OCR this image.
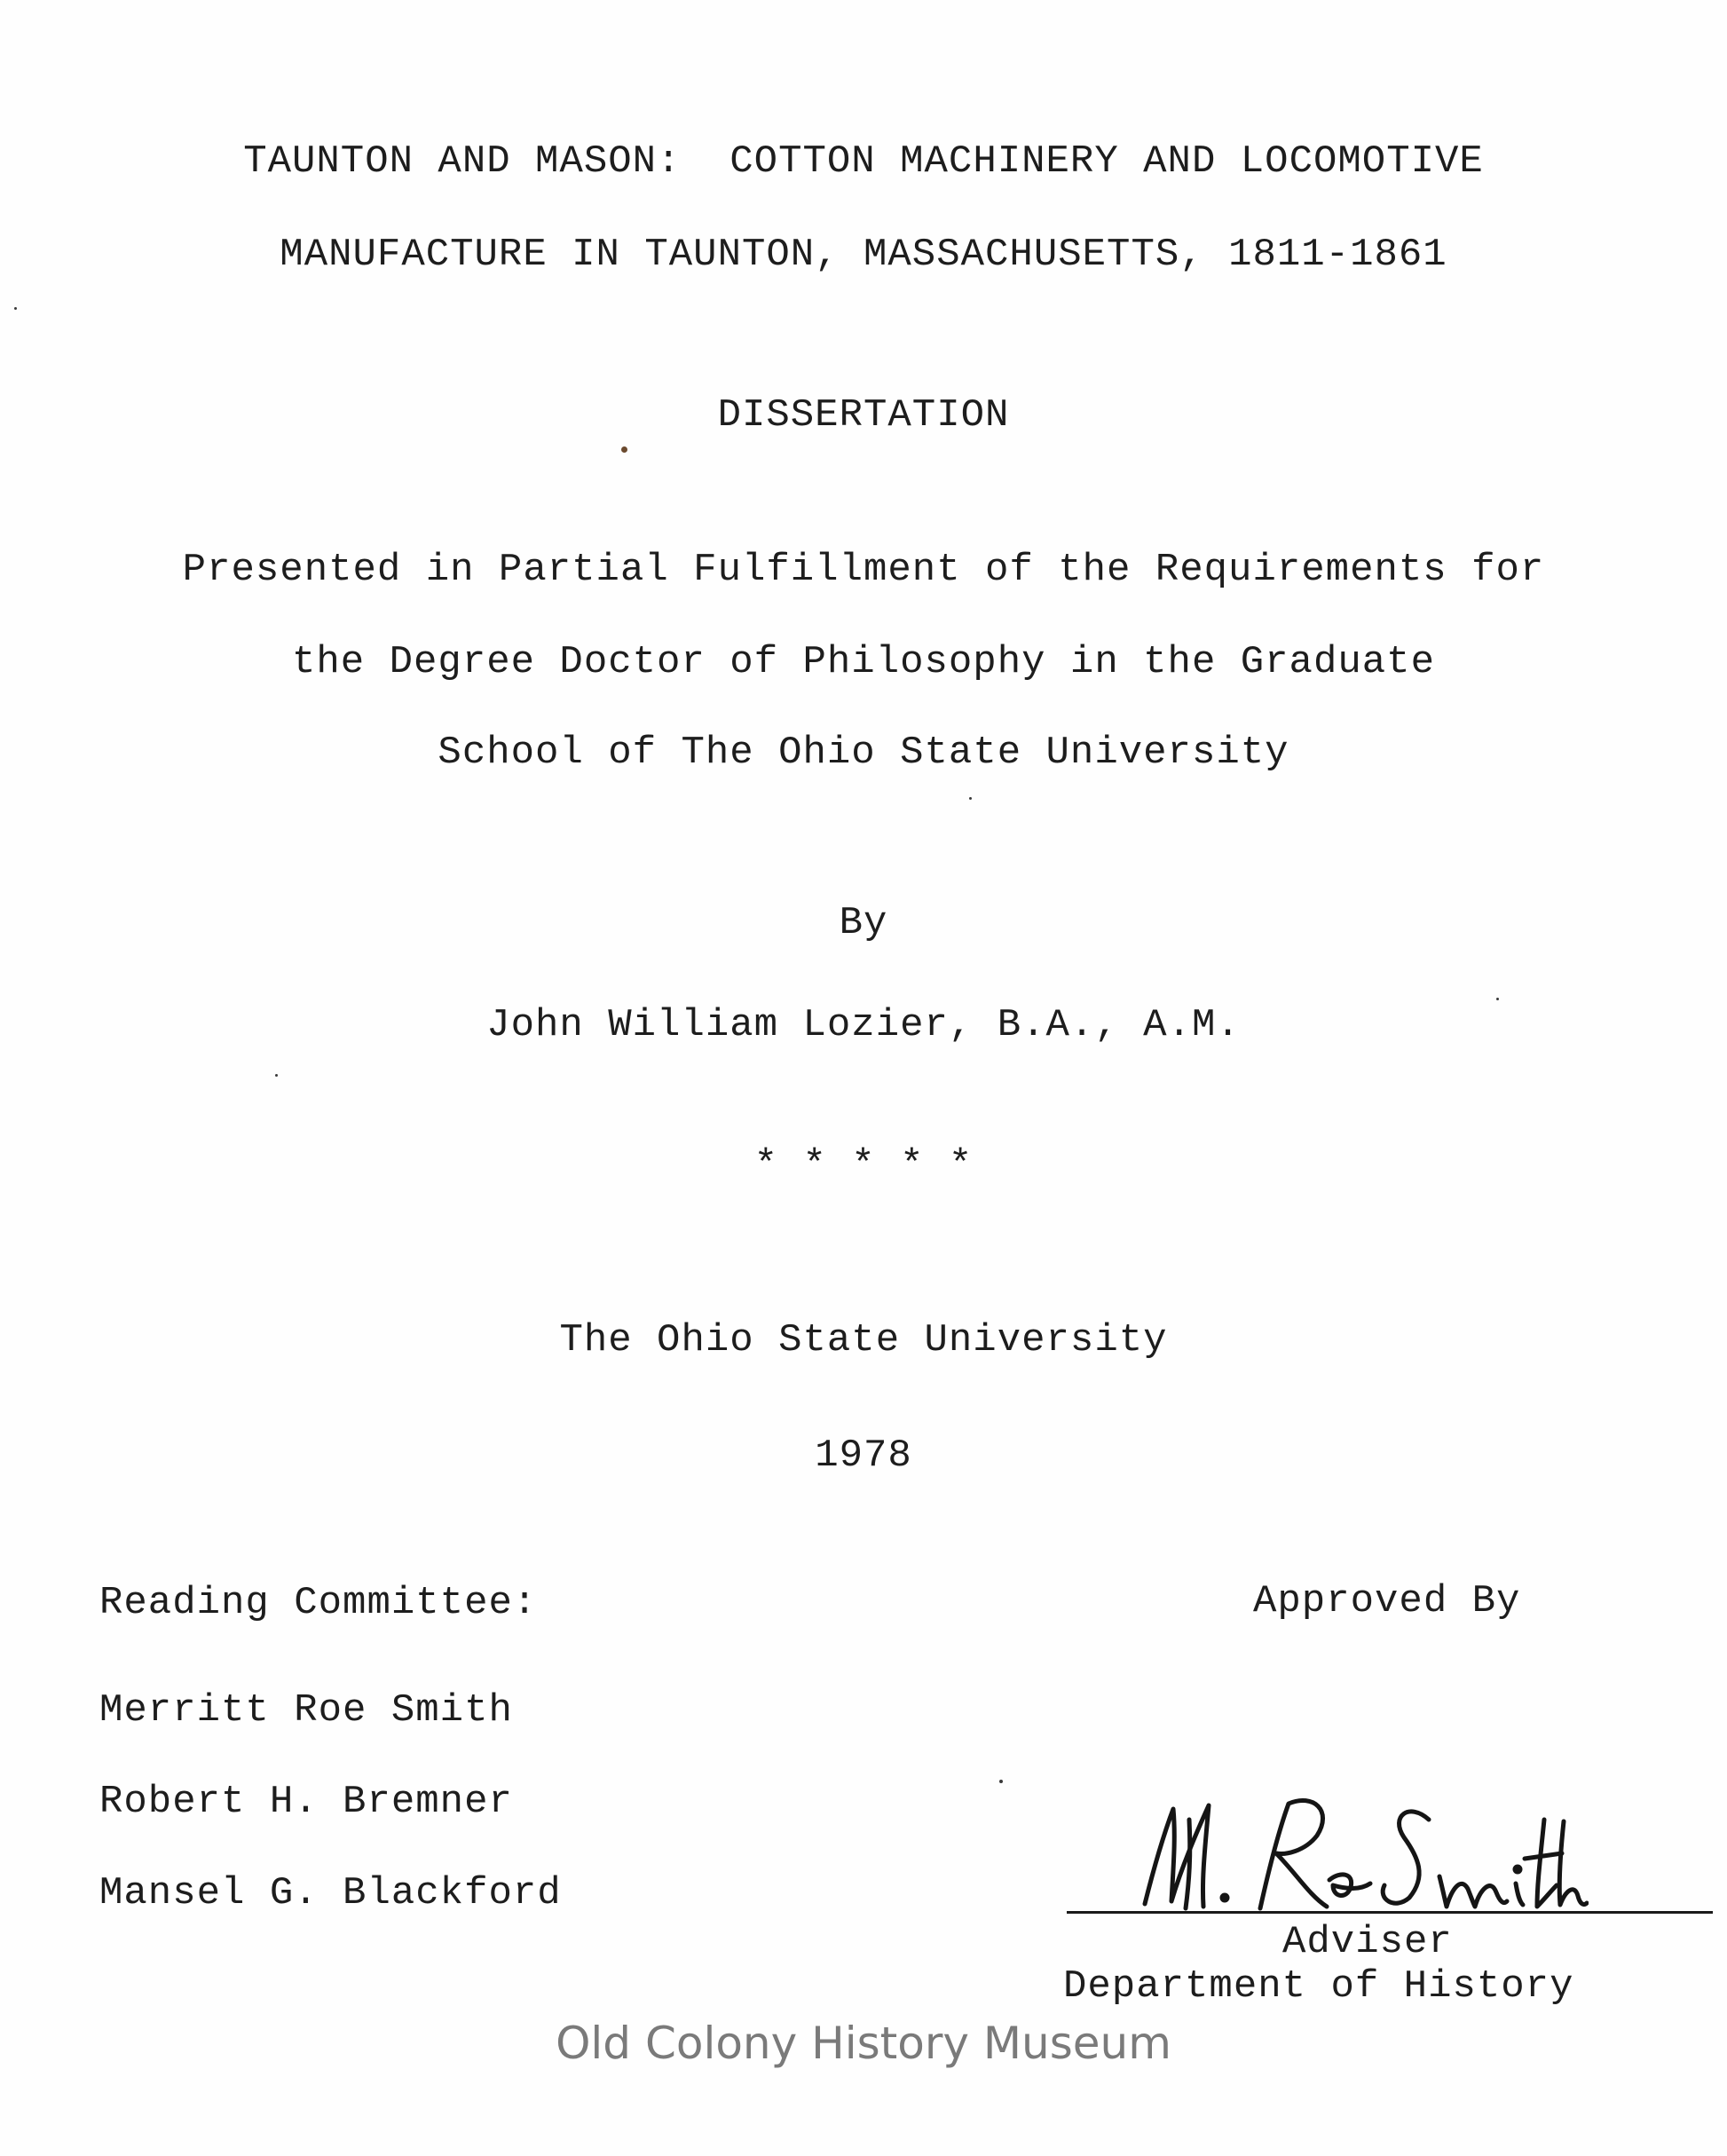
TAUNTON AND MASON:  COTTON MACHINERY AND LOCOMOTIVE
MANUFACTURE IN TAUNTON, MASSACHUSETTS, 1811-1861
DISSERTATION
Presented in Partial Fulfillment of the Requirements for
the Degree Doctor of Philosophy in the Graduate
School of The Ohio State University
By
John William Lozier, B.A., A.M.
* * * * *
The Ohio State University
1978
Reading Committee:
Merritt Roe Smith
Robert H. Bremner
Mansel G. Blackford
Approved By
Adviser
Department of History
Old Colony History Museum
